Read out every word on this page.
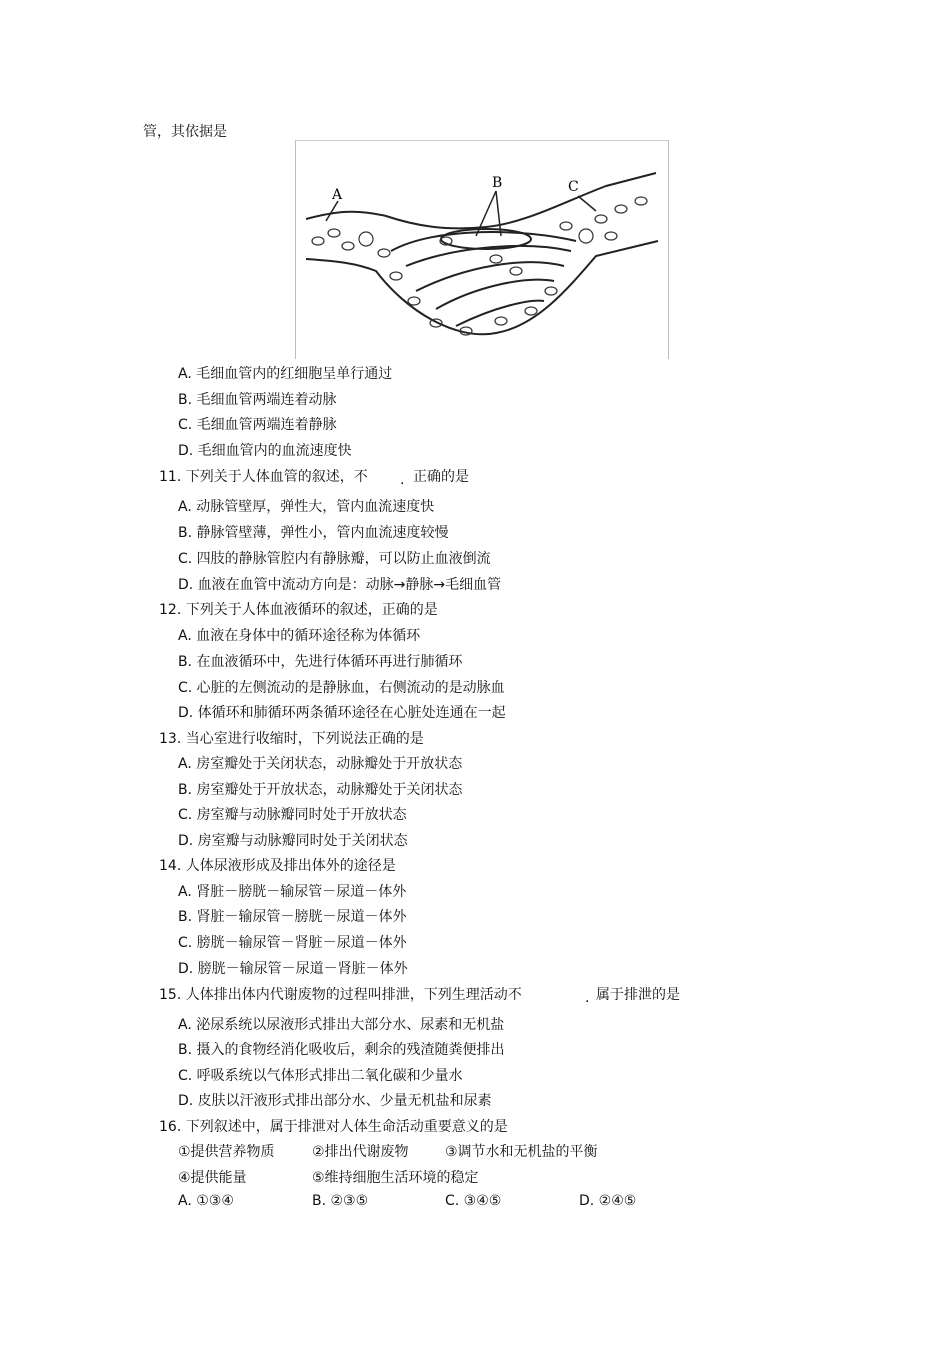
管，其依据是
A
B	C
A. 毛细血管内的红细胞呈单行通过
B. 毛细血管两端连着动脉
C. 毛细血管两端连着静脉
D. 毛细血管内的血流速度快
11. 下列关于人体血管的叙述，不 . 正确的是
A. 动脉管壁厚，弹性大，管内血流速度快
B. 静脉管壁薄，弹性小，管内血流速度较慢
C. 四肢的静脉管腔内有静脉瓣，可以防止血液倒流
D. 血液在血管中流动方向是：动脉→静脉→毛细血管
12. 下列关于人体血液循环的叙述，正确的是
A. 血液在身体中的循环途径称为体循环
B. 在血液循环中，先进行体循环再进行肺循环
C. 心脏的左侧流动的是静脉血，右侧流动的是动脉血
D. 体循环和肺循环两条循环途径在心脏处连通在一起
13. 当心室进行收缩时，下列说法正确的是
A. 房室瓣处于关闭状态，动脉瓣处于开放状态
B. 房室瓣处于开放状态，动脉瓣处于关闭状态
C. 房室瓣与动脉瓣同时处于开放状态
D. 房室瓣与动脉瓣同时处于关闭状态
14. 人体尿液形成及排出体外的途径是
A. 肾脏－膀胱－输尿管－尿道－体外
B. 肾脏－输尿管－膀胱－尿道－体外
C. 膀胱－输尿管－肾脏－尿道－体外
D. 膀胱－输尿管－尿道－肾脏－体外
15. 人体排出体内代谢废物的过程叫排泄，下列生理活动不	. 属于排泄的是
A. 泌尿系统以尿液形式排出大部分水、尿素和无机盐
B. 摄入的食物经消化吸收后，剩余的残渣随粪便排出
C. 呼吸系统以气体形式排出二氧化碳和少量水
D. 皮肤以汗液形式排出部分水、少量无机盐和尿素
16. 下列叙述中，属于排泄对人体生命活动重要意义的是
①提供营养物质	②排出代谢废物	③调节水和无机盐的平衡
④提供能量	⑤维持细胞生活环境的稳定
A. ①③④	B. ②③⑤	C. ③④⑤	D. ②④⑤
